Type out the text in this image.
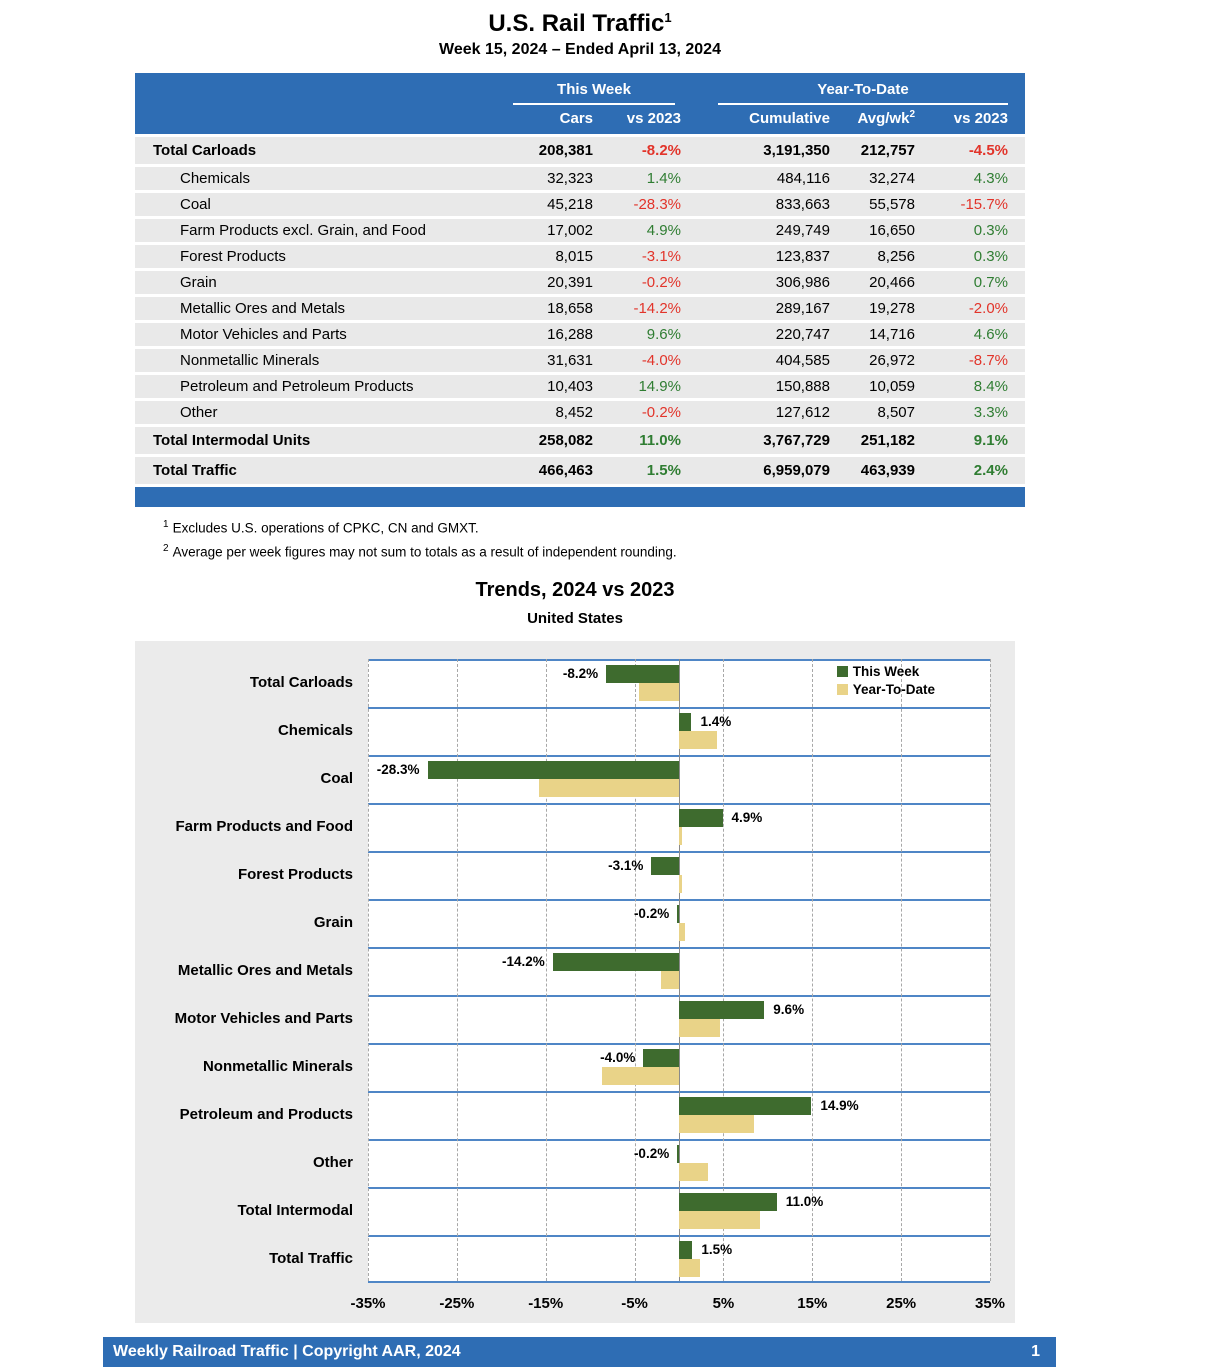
U.S. Rail Traffic$^1$
Week 15, 2024 – Ended April 13, 2024
This Week	Year-To-Date
Cars	vs 2023	Cumulative	Avg/$wk^2$	vs 2023
Total Carloads	208,381	-8.2%	3,191,350	212,757	-4.5%
Chemicals	32,323	1.4%	484,116	32,274	4.3%
Coal	45,218	-28.3%	833,663	55,578	-15.7%
Farm Products excl. Grain, and Food	17,002	4.9%	249,749	16,650	0.3%
Forest Products	8,015	-3.1%	123,837	8,256	0.3%
Grain	20,391	-0.2%	306,986	20,466	0.7%
Metallic Ores and Metals	18,658	-14.2%	289,167	19,278	-2.0%
Motor Vehicles and Parts	16,288	9.6%	220,747	14,716	4.6%
Nonmetallic Minerals	31,631	-4.0%	404,585	26,972	-8.7%
Petroleum and Petroleum Products	10,403	14.9%	150,888	10,059	8.4%
Other	8,452	-0.2%	127,612	8,507	3.3%
Total Intermodal Units	258,082	11.0%	3,767,729	251,182	9.1%
Total Traffic	466,463	1.5%	6,959,079	463,939	2.4%
$^1$ Excludes U.S. operations of CPKC, CN and GMXT.
$^2$ Average per week figures may not sum to totals as a result of independent rounding.
Trends, 2024 vs 2023
United States
-8.2%
1.4%
-28.3%
4.9%
-3.1%
-0.2%
-14.2%
9.6%
-4.0%
14.9%
-0.2%
11.0%
1.5%
This Week
Year-To-Date
Total Carloads
Chemicals
Coal
Farm Products and Food
Forest Products
Grain
Metallic Ores and Metals
Motor Vehicles and Parts
Nonmetallic Minerals
Petroleum and Products
Other
Total Intermodal
Total Traffic
-35%	-25%	-15%	-5%	5%	15%	25%	35%
Weekly Railroad Traffic | Copyright AAR, 2024	1
